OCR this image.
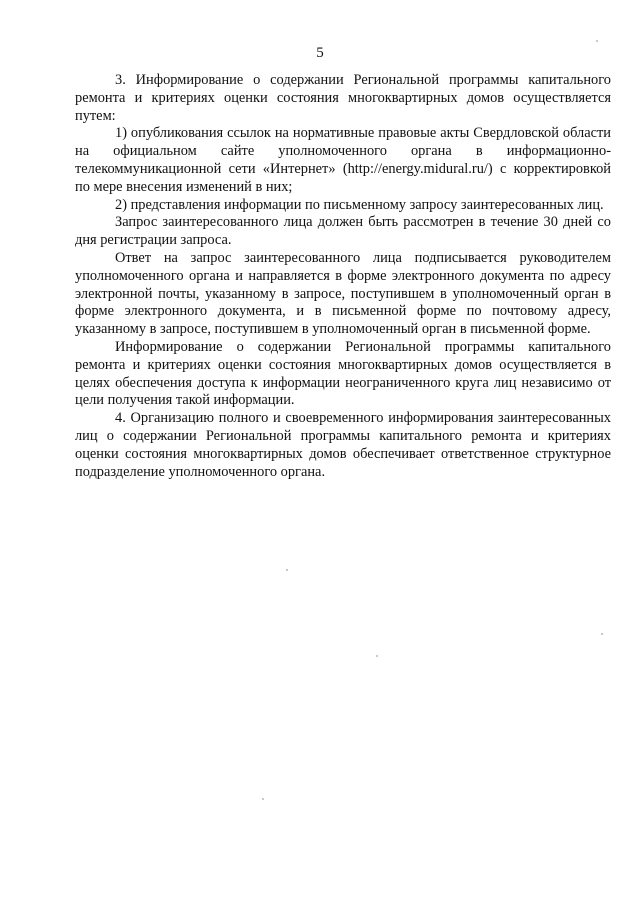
5

3. Информирование о содержании Региональной программы капитального ремонта и критериях оценки состояния многоквартирных домов осуществляется путем:

1) опубликования ссылок на нормативные правовые акты Свердловской области на официальном сайте уполномоченного органа в информационно-телекоммуникационной сети «Интернет» (http://energy.midural.ru/) с корректировкой по мере внесения изменений в них;

2) представления информации по письменному запросу заинтересованных лиц.

Запрос заинтересованного лица должен быть рассмотрен в течение 30 дней со дня регистрации запроса.

Ответ на запрос заинтересованного лица подписывается руководителем уполномоченного органа и направляется в форме электронного документа по адресу электронной почты, указанному в запросе, поступившем в уполномоченный орган в форме электронного документа, и в письменной форме по почтовому адресу, указанному в запросе, поступившем в уполномоченный орган в письменной форме.

Информирование о содержании Региональной программы капитального ремонта и критериях оценки состояния многоквартирных домов осуществляется в целях обеспечения доступа к информации неограниченного круга лиц независимо от цели получения такой информации.

4. Организацию полного и своевременного информирования заинтересованных лиц о содержании Региональной программы капитального ремонта и критериях оценки состояния многоквартирных домов обеспечивает ответственное структурное подразделение уполномоченного органа.
